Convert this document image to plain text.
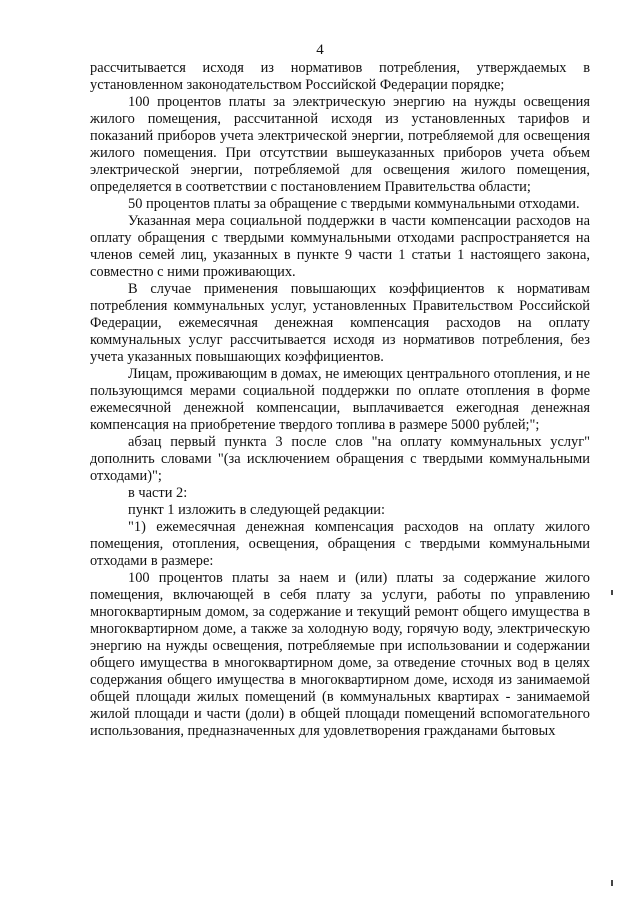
4

рассчитывается исходя из нормативов потребления, утверждаемых в установленном законодательством Российской Федерации порядке;

100 процентов платы за электрическую энергию на нужды освещения жилого помещения, рассчитанной исходя из установленных тарифов и показаний приборов учета электрической энергии, потребляемой для освещения жилого помещения. При отсутствии вышеуказанных приборов учета объем электрической энергии, потребляемой для освещения жилого помещения, определяется в соответствии с постановлением Правительства области;

50 процентов платы за обращение с твердыми коммунальными отходами.

Указанная мера социальной поддержки в части компенсации расходов на оплату обращения с твердыми коммунальными отходами распространяется на членов семей лиц, указанных в пункте 9 части 1 статьи 1 настоящего закона, совместно с ними проживающих.

В случае применения повышающих коэффициентов к нормативам потребления коммунальных услуг, установленных Правительством Российской Федерации, ежемесячная денежная компенсация расходов на оплату коммунальных услуг рассчитывается исходя из нормативов потребления, без учета указанных повышающих коэффициентов.

Лицам, проживающим в домах, не имеющих центрального отопления, и не пользующимся мерами социальной поддержки по оплате отопления в форме ежемесячной денежной компенсации, выплачивается ежегодная денежная компенсация на приобретение твердого топлива в размере 5000 рублей;";

абзац первый пункта 3 после слов "на оплату коммунальных услуг" дополнить словами "(за исключением обращения с твердыми коммунальными отходами)";

в части 2:

пункт 1 изложить в следующей редакции:

"1) ежемесячная денежная компенсация расходов на оплату жилого помещения, отопления, освещения, обращения с твердыми коммунальными отходами в размере:

100 процентов платы за наем и (или) платы за содержание жилого помещения, включающей в себя плату за услуги, работы по управлению многоквартирным домом, за содержание и текущий ремонт общего имущества в многоквартирном доме, а также за холодную воду, горячую воду, электрическую энергию на нужды освещения, потребляемые при использовании и содержании общего имущества в многоквартирном доме, за отведение сточных вод в целях содержания общего имущества в многоквартирном доме, исходя из занимаемой общей площади жилых помещений (в коммунальных квартирах - занимаемой жилой площади и части (доли) в общей площади помещений вспомогательного использования, предназначенных для удовлетворения гражданами бытовых
